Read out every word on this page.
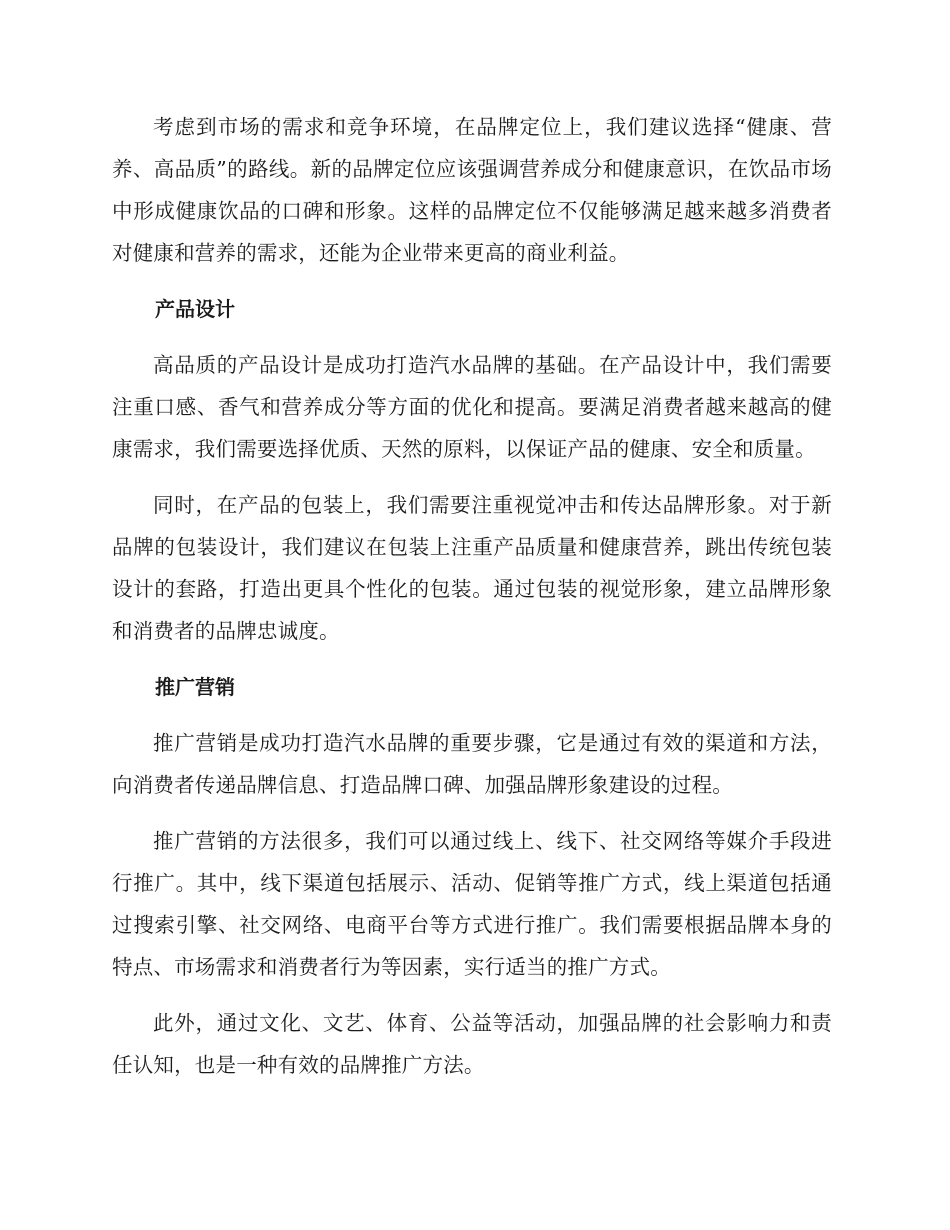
考虑到市场的需求和竞争环境，在品牌定位上，我们建议选择“健康、营养、高品质”的路线。新的品牌定位应该强调营养成分和健康意识，在饮品市场中形成健康饮品的口碑和形象。这样的品牌定位不仅能够满足越来越多消费者对健康和营养的需求，还能为企业带来更高的商业利益。

产品设计

高品质的产品设计是成功打造汽水品牌的基础。在产品设计中，我们需要注重口感、香气和营养成分等方面的优化和提高。要满足消费者越来越高的健康需求，我们需要选择优质、天然的原料，以保证产品的健康、安全和质量。

同时，在产品的包装上，我们需要注重视觉冲击和传达品牌形象。对于新品牌的包装设计，我们建议在包装上注重产品质量和健康营养，跳出传统包装设计的套路，打造出更具个性化的包装。通过包装的视觉形象，建立品牌形象和消费者的品牌忠诚度。

推广营销

推广营销是成功打造汽水品牌的重要步骤，它是通过有效的渠道和方法，向消费者传递品牌信息、打造品牌口碑、加强品牌形象建设的过程。

推广营销的方法很多，我们可以通过线上、线下、社交网络等媒介手段进行推广。其中，线下渠道包括展示、活动、促销等推广方式，线上渠道包括通过搜索引擎、社交网络、电商平台等方式进行推广。我们需要根据品牌本身的特点、市场需求和消费者行为等因素，实行适当的推广方式。

此外，通过文化、文艺、体育、公益等活动，加强品牌的社会影响力和责任认知，也是一种有效的品牌推广方法。
